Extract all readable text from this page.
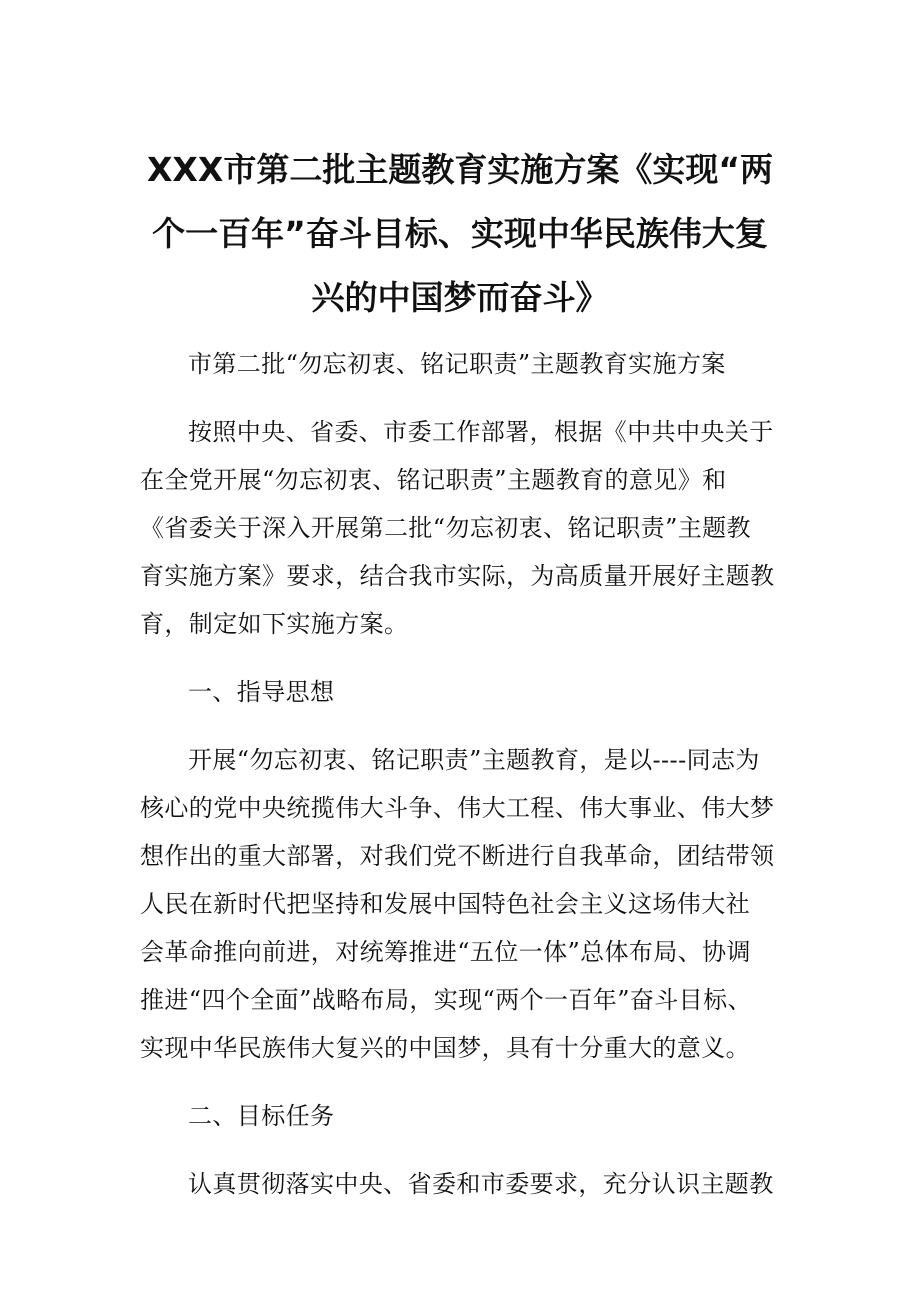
XXX市第二批主题教育实施方案《实现“两
个一百年”奋斗目标、实现中华民族伟大复
兴的中国梦而奋斗》

市第二批“勿忘初衷、铭记职责”主题教育实施方案

按照中央、省委、市委工作部署，根据《中共中央关于
在全党开展“勿忘初衷、铭记职责”主题教育的意见》和
《省委关于深入开展第二批“勿忘初衷、铭记职责”主题教
育实施方案》要求，结合我市实际，为高质量开展好主题教
育，制定如下实施方案。

一、指导思想

开展“勿忘初衷、铭记职责”主题教育，是以----同志为
核心的党中央统揽伟大斗争、伟大工程、伟大事业、伟大梦
想作出的重大部署，对我们党不断进行自我革命，团结带领
人民在新时代把坚持和发展中国特色社会主义这场伟大社
会革命推向前进，对统筹推进“五位一体”总体布局、协调
推进“四个全面”战略布局，实现“两个一百年”奋斗目标、
实现中华民族伟大复兴的中国梦，具有十分重大的意义。

二、目标任务

认真贯彻落实中央、省委和市委要求，充分认识主题教
